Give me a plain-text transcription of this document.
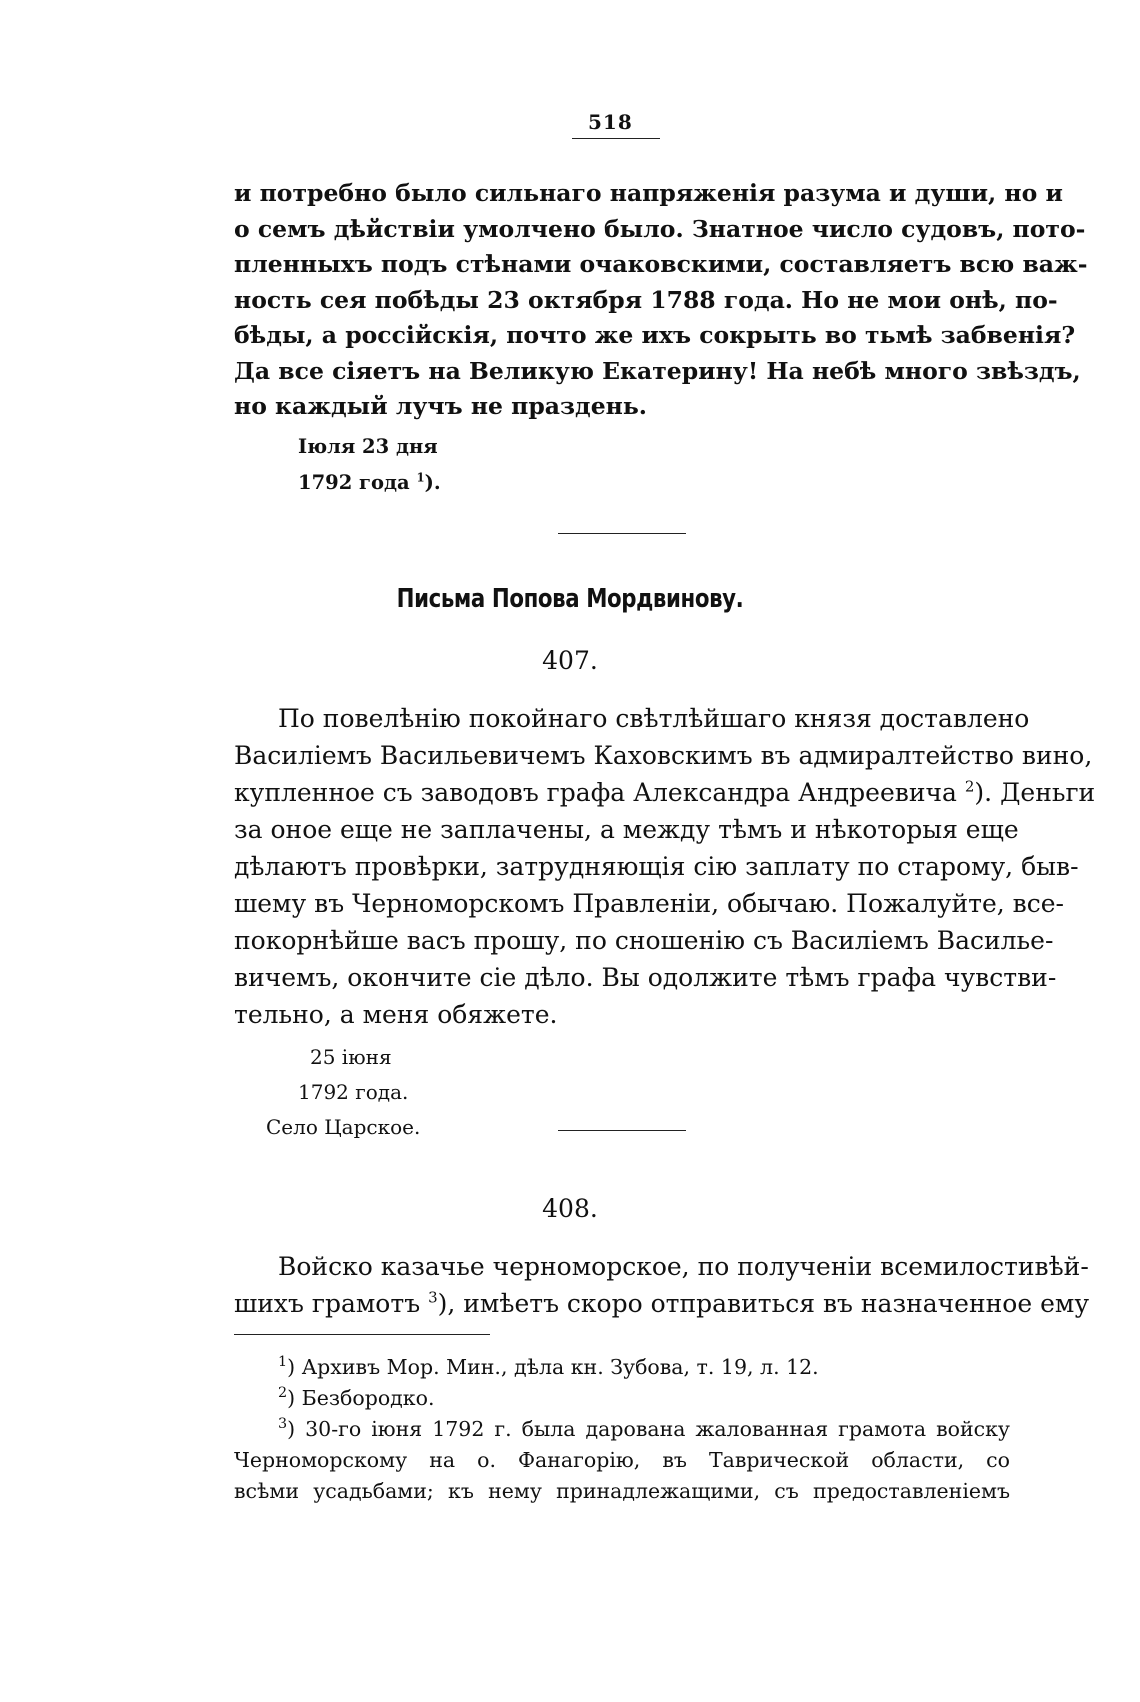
518
и потребно было сильнаго напряженія разума и души, но и
о семъ дѣйствіи умолчено было. Знатное число судовъ, пото-
пленныхъ подъ стѣнами очаковскими, составляетъ всю важ-
ность сея побѣды 23 октября 1788 года. Но не мои онѣ, по-
бѣды, а россійскія, почто же ихъ сокрыть во тьмѣ забвенія?
Да все сіяетъ на Великую Екатерину! На небѣ много звѣздъ,
но каждый лучъ не праздень.
Іюля 23 дня
1792 года $^1$).
Письма Попова Мордвинову.
407.
По повелѣнію покойнаго свѣтлѣйшаго князя доставлено
Василіемъ Васильевичемъ Каховскимъ въ адмиралтейство вино,
купленное съ заводовъ графа Александра Андреевича $^2$). Деньги
за оное еще не заплачены, а между тѣмъ и нѣкоторыя еще
дѣлаютъ провѣрки, затрудняющія сію заплату по старому, быв-
шему въ Черноморскомъ Правленіи, обычаю. Пожалуйте, все-
покорнѣйше васъ прошу, по сношенію съ Василіемъ Василье-
вичемъ, окончите сіе дѣло. Вы одолжите тѣмъ графа чувстви-
тельно, а меня обяжете.
25 іюня
1792 года.
Село Царское.
408.
Войско казачье черноморское, по полученіи всемилостивѣй-
шихъ грамотъ $^3$), имѣетъ скоро отправиться въ назначенное ему
$^1$) Архивъ Мор. Мин., дѣла кн. Зубова, т. 19, л. 12.
$^2$) Безбородко.
$^3$) 30-го іюня 1792 г. была дарована жалованная грамота войску
Черноморскому на о. Фанагорію, въ Таврической области, со
всѣми усадьбами; къ нему принадлежащими, съ предоставленіемъ
